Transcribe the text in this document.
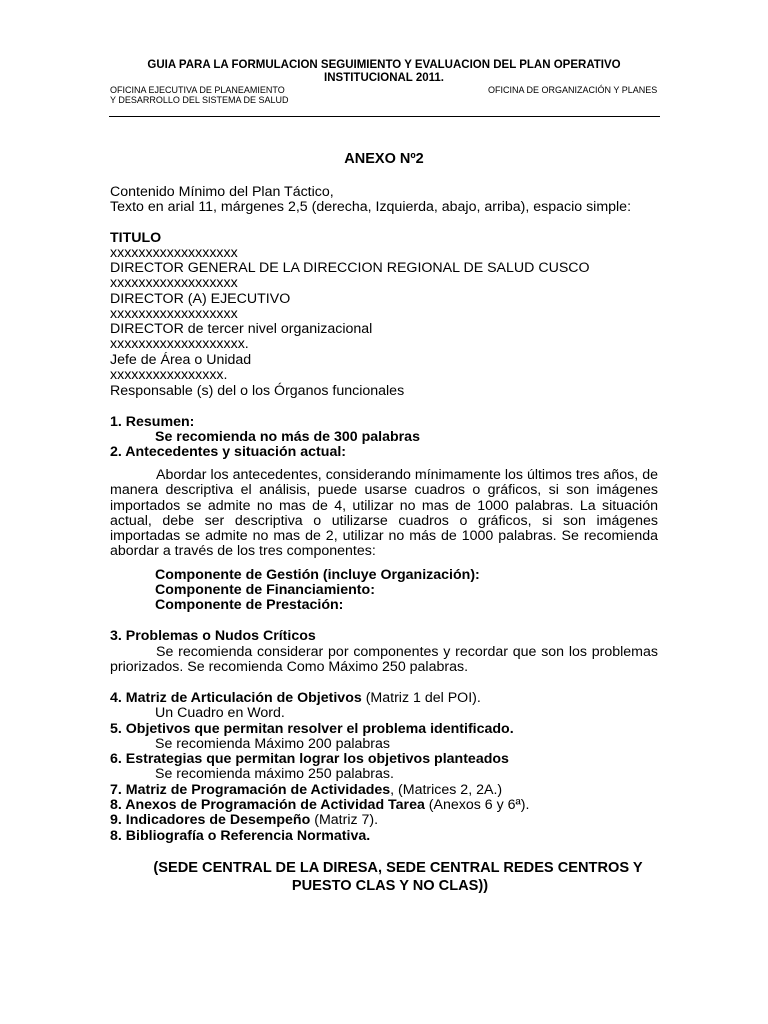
GUIA PARA LA FORMULACION SEGUIMIENTO Y EVALUACION DEL PLAN OPERATIVO
INSTITUCIONAL 2011.
OFICINA EJECUTIVA DE PLANEAMIENTO
Y DESARROLLO DEL SISTEMA DE SALUD
OFICINA DE ORGANIZACIÓN Y PLANES
ANEXO Nº2
Contenido Mínimo del Plan Táctico,
Texto en arial 11, márgenes 2,5 (derecha, Izquierda, abajo, arriba), espacio simple:
TITULO
xxxxxxxxxxxxxxxxxx
DIRECTOR GENERAL DE LA DIRECCION REGIONAL DE SALUD CUSCO
xxxxxxxxxxxxxxxxxx
DIRECTOR (A) EJECUTIVO
xxxxxxxxxxxxxxxxxx
DIRECTOR de tercer nivel organizacional
xxxxxxxxxxxxxxxxxxx.
Jefe de Área o Unidad
xxxxxxxxxxxxxxxx.
Responsable (s) del o los Órganos funcionales
1. Resumen:
Se recomienda no más de 300 palabras
2. Antecedentes y situación actual:
Abordar los antecedentes, considerando mínimamente los últimos tres años, de manera descriptiva el análisis, puede usarse cuadros o gráficos, si son imágenes importados se admite no mas de 4, utilizar no mas de 1000 palabras. La situación actual, debe ser descriptiva o utilizarse cuadros o gráficos, si son imágenes importadas se admite no mas de 2, utilizar no más de 1000 palabras. Se recomienda abordar a través de los tres componentes:
Componente de Gestión (incluye Organización):
Componente de Financiamiento:
Componente de Prestación:
3. Problemas o Nudos Críticos
Se recomienda considerar por componentes y recordar que son los problemas priorizados. Se recomienda Como Máximo 250 palabras.
4. Matriz de Articulación de Objetivos (Matriz 1 del POI).
Un Cuadro en Word.
5. Objetivos que permitan resolver el problema identificado.
Se recomienda Máximo 200 palabras
6. Estrategias que permitan lograr los objetivos planteados
Se recomienda máximo 250 palabras.
7. Matriz de Programación de Actividades, (Matrices 2, 2A.)
8. Anexos de Programación de Actividad Tarea (Anexos 6 y 6ª).
9. Indicadores de Desempeño (Matriz 7).
8. Bibliografía o Referencia Normativa.
(SEDE CENTRAL DE LA DIRESA, SEDE CENTRAL REDES CENTROS Y
PUESTO CLAS Y NO CLAS))
